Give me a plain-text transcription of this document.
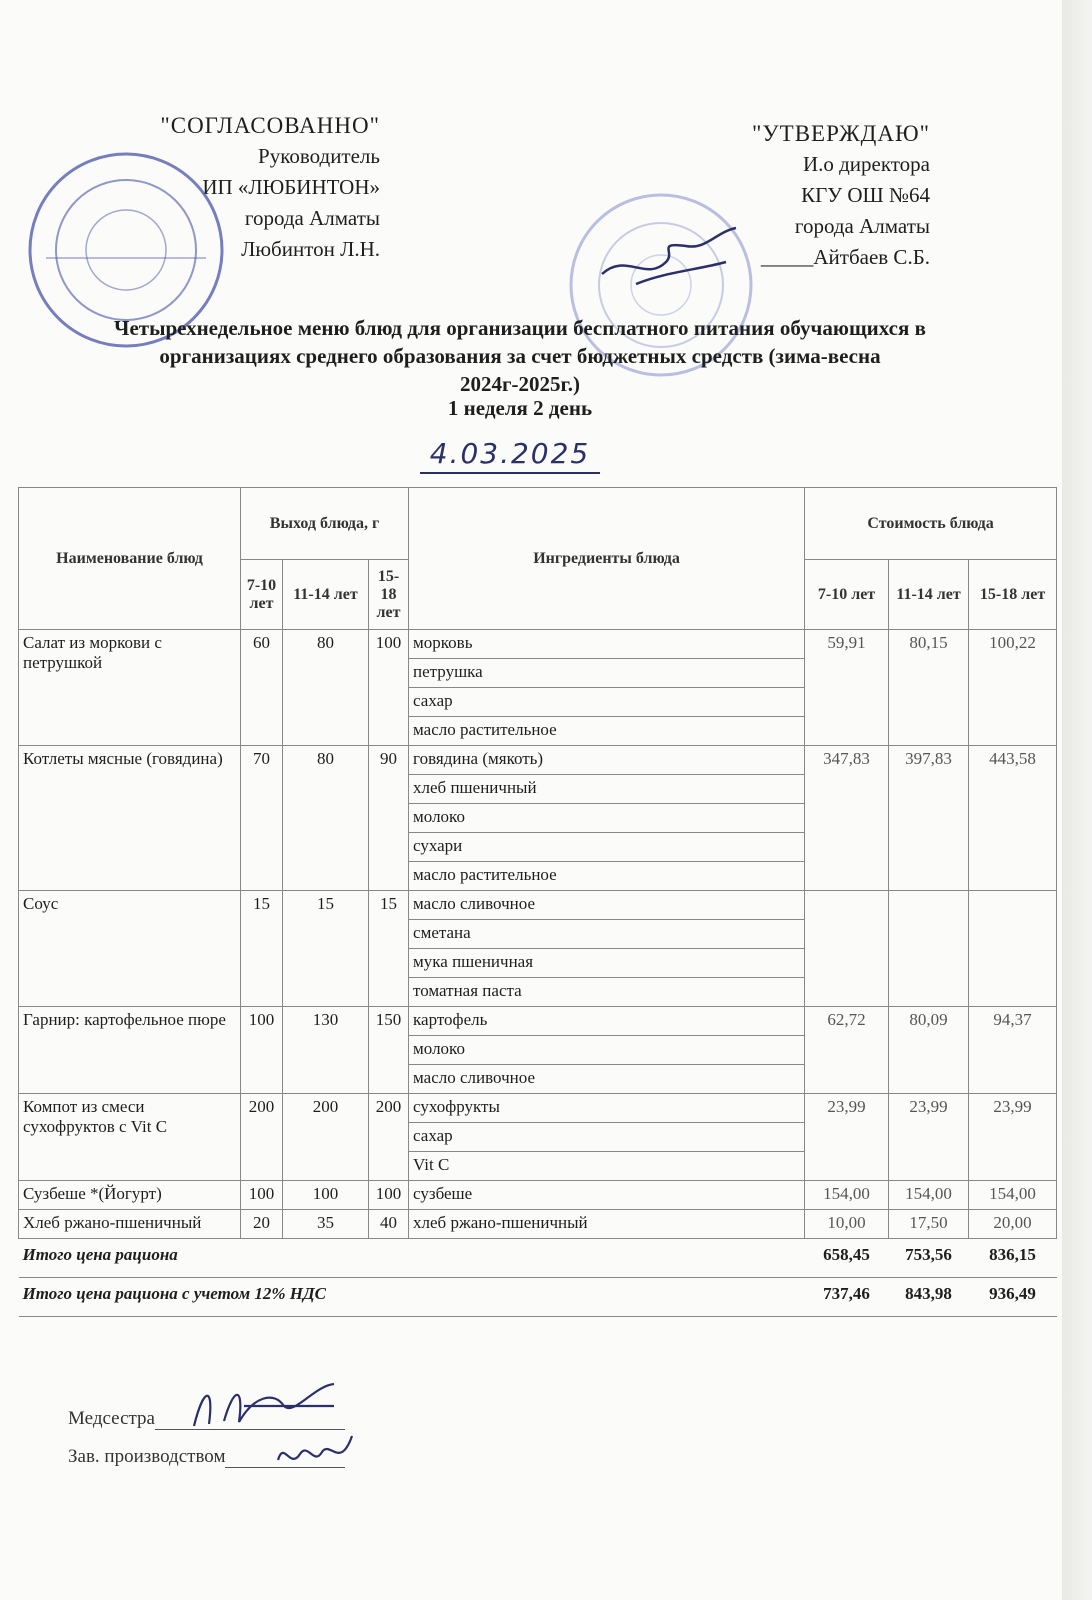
"СОГЛАСОВАННО"
Руководитель
ИП «ЛЮБИНТОН»
города Алматы
Любинтон Л.Н.
"УТВЕРЖДАЮ"
И.о директора
КГУ ОШ №64
города Алматы
_____Айтбаев С.Б.
Четырехнедельное меню блюд для организации бесплатного питания обучающихся в организациях среднего образования за счет бюджетных средств (зима-весна 2024г-2025г.)
1 неделя 2 день
4.03.2025
Наименование блюд	Выход блюда, г			Ингредиенты блюда	Стоимость блюда		
	7-10 лет	11-14 лет	15-18 лет		7-10 лет	11-14 лет	15-18 лет
Салат из моркови с петрушкой	60	80	100	морковь	59,91	80,15	100,22
				петрушка			
				сахар			
				масло растительное			
Котлеты мясные (говядина)	70	80	90	говядина (мякоть)	347,83	397,83	443,58
				хлеб пшеничный			
				молоко			
				сухари			
				масло растительное			
Соус	15	15	15	масло сливочное			
				сметана			
				мука пшеничная			
				томатная паста			
Гарнир: картофельное пюре	100	130	150	картофель	62,72	80,09	94,37
				молоко			
				масло сливочное			
Компот из смеси сухофруктов с Vit C	200	200	200	сухофрукты	23,99	23,99	23,99
				сахар			
				Vit C			
Сузбеше *(Йогурт)	100	100	100	сузбеше	154,00	154,00	154,00
Хлеб ржано-пшеничный	20	35	40	хлеб ржано-пшеничный	10,00	17,50	20,00
Итого цена рациона					658,45	753,56	836,15
Итого цена рациона с учетом 12% НДС					737,46	843,98	936,49
Медсестра
Зав. производством
